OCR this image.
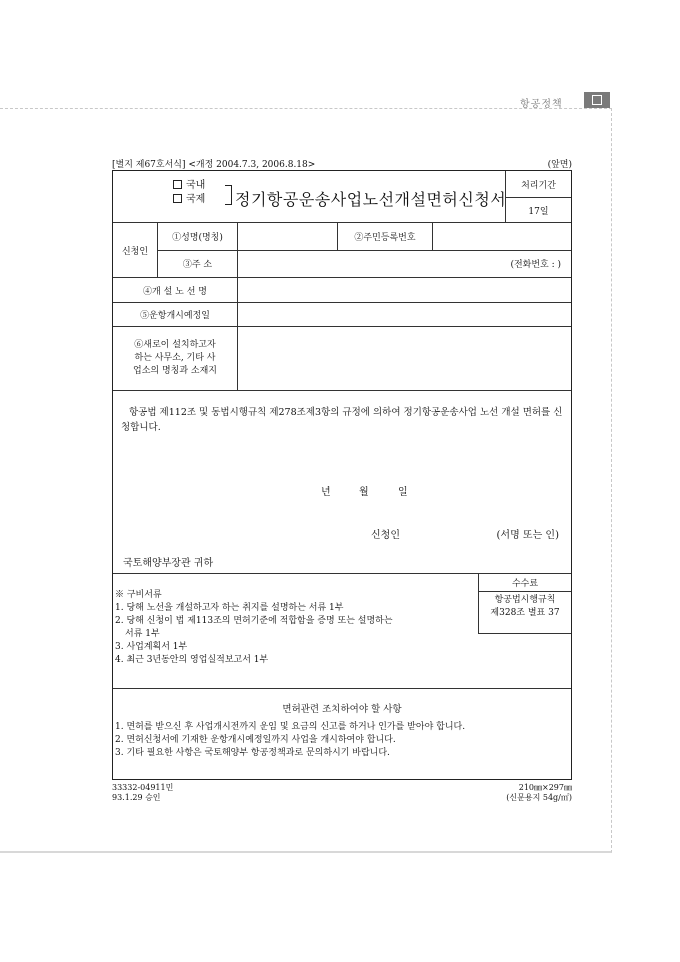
항공정책
[별지 제67호서식] <개정 2004.7.3, 2006.8.18>	(앞면)
국내
국제 정기항공운송사업노선개설면허신청서
처리기간
17일
신청인
①성명(명칭)	②주민등록번호
③주 소	(전화번호 : )
④개 설 노 선 명
⑤운항개시예정일
⑥새로이 설치하고자 하는 사무소, 기타 사업소의 명칭과 소재지
항공법 제112조 및 동법시행규칙 제278조제3항의 규정에 의하여 정기항공운송사업 노선 개설 면허를 신청합니다.
년	월	일
신청인	(서명 또는 인)
국토해양부장관 귀하
※ 구비서류
1. 당해 노선을 개설하고자 하는 취지를 설명하는 서류 1부
2. 당해 신청이 법 제113조의 면허기준에 적합함을 증명 또는 설명하는
서류 1부
3. 사업계획서 1부
4. 최근 3년동안의 영업실적보고서 1부
수수료
항공법시행규칙
제328조 별표 37
면허관련 조치하여야 할 사항
1. 면허를 받으신 후 사업개시전까지 운임 및 요금의 신고를 하거나 인가를 받아야 합니다.
2. 면허신청서에 기재한 운항개시예정일까지 사업을 개시하여야 합니다.
3. 기타 필요한 사항은 국토해양부 항공정책과로 문의하시기 바랍니다.
33332-04911민
93.1.29 승인
210㎜×297㎜
(신문용지 54g/㎡)
